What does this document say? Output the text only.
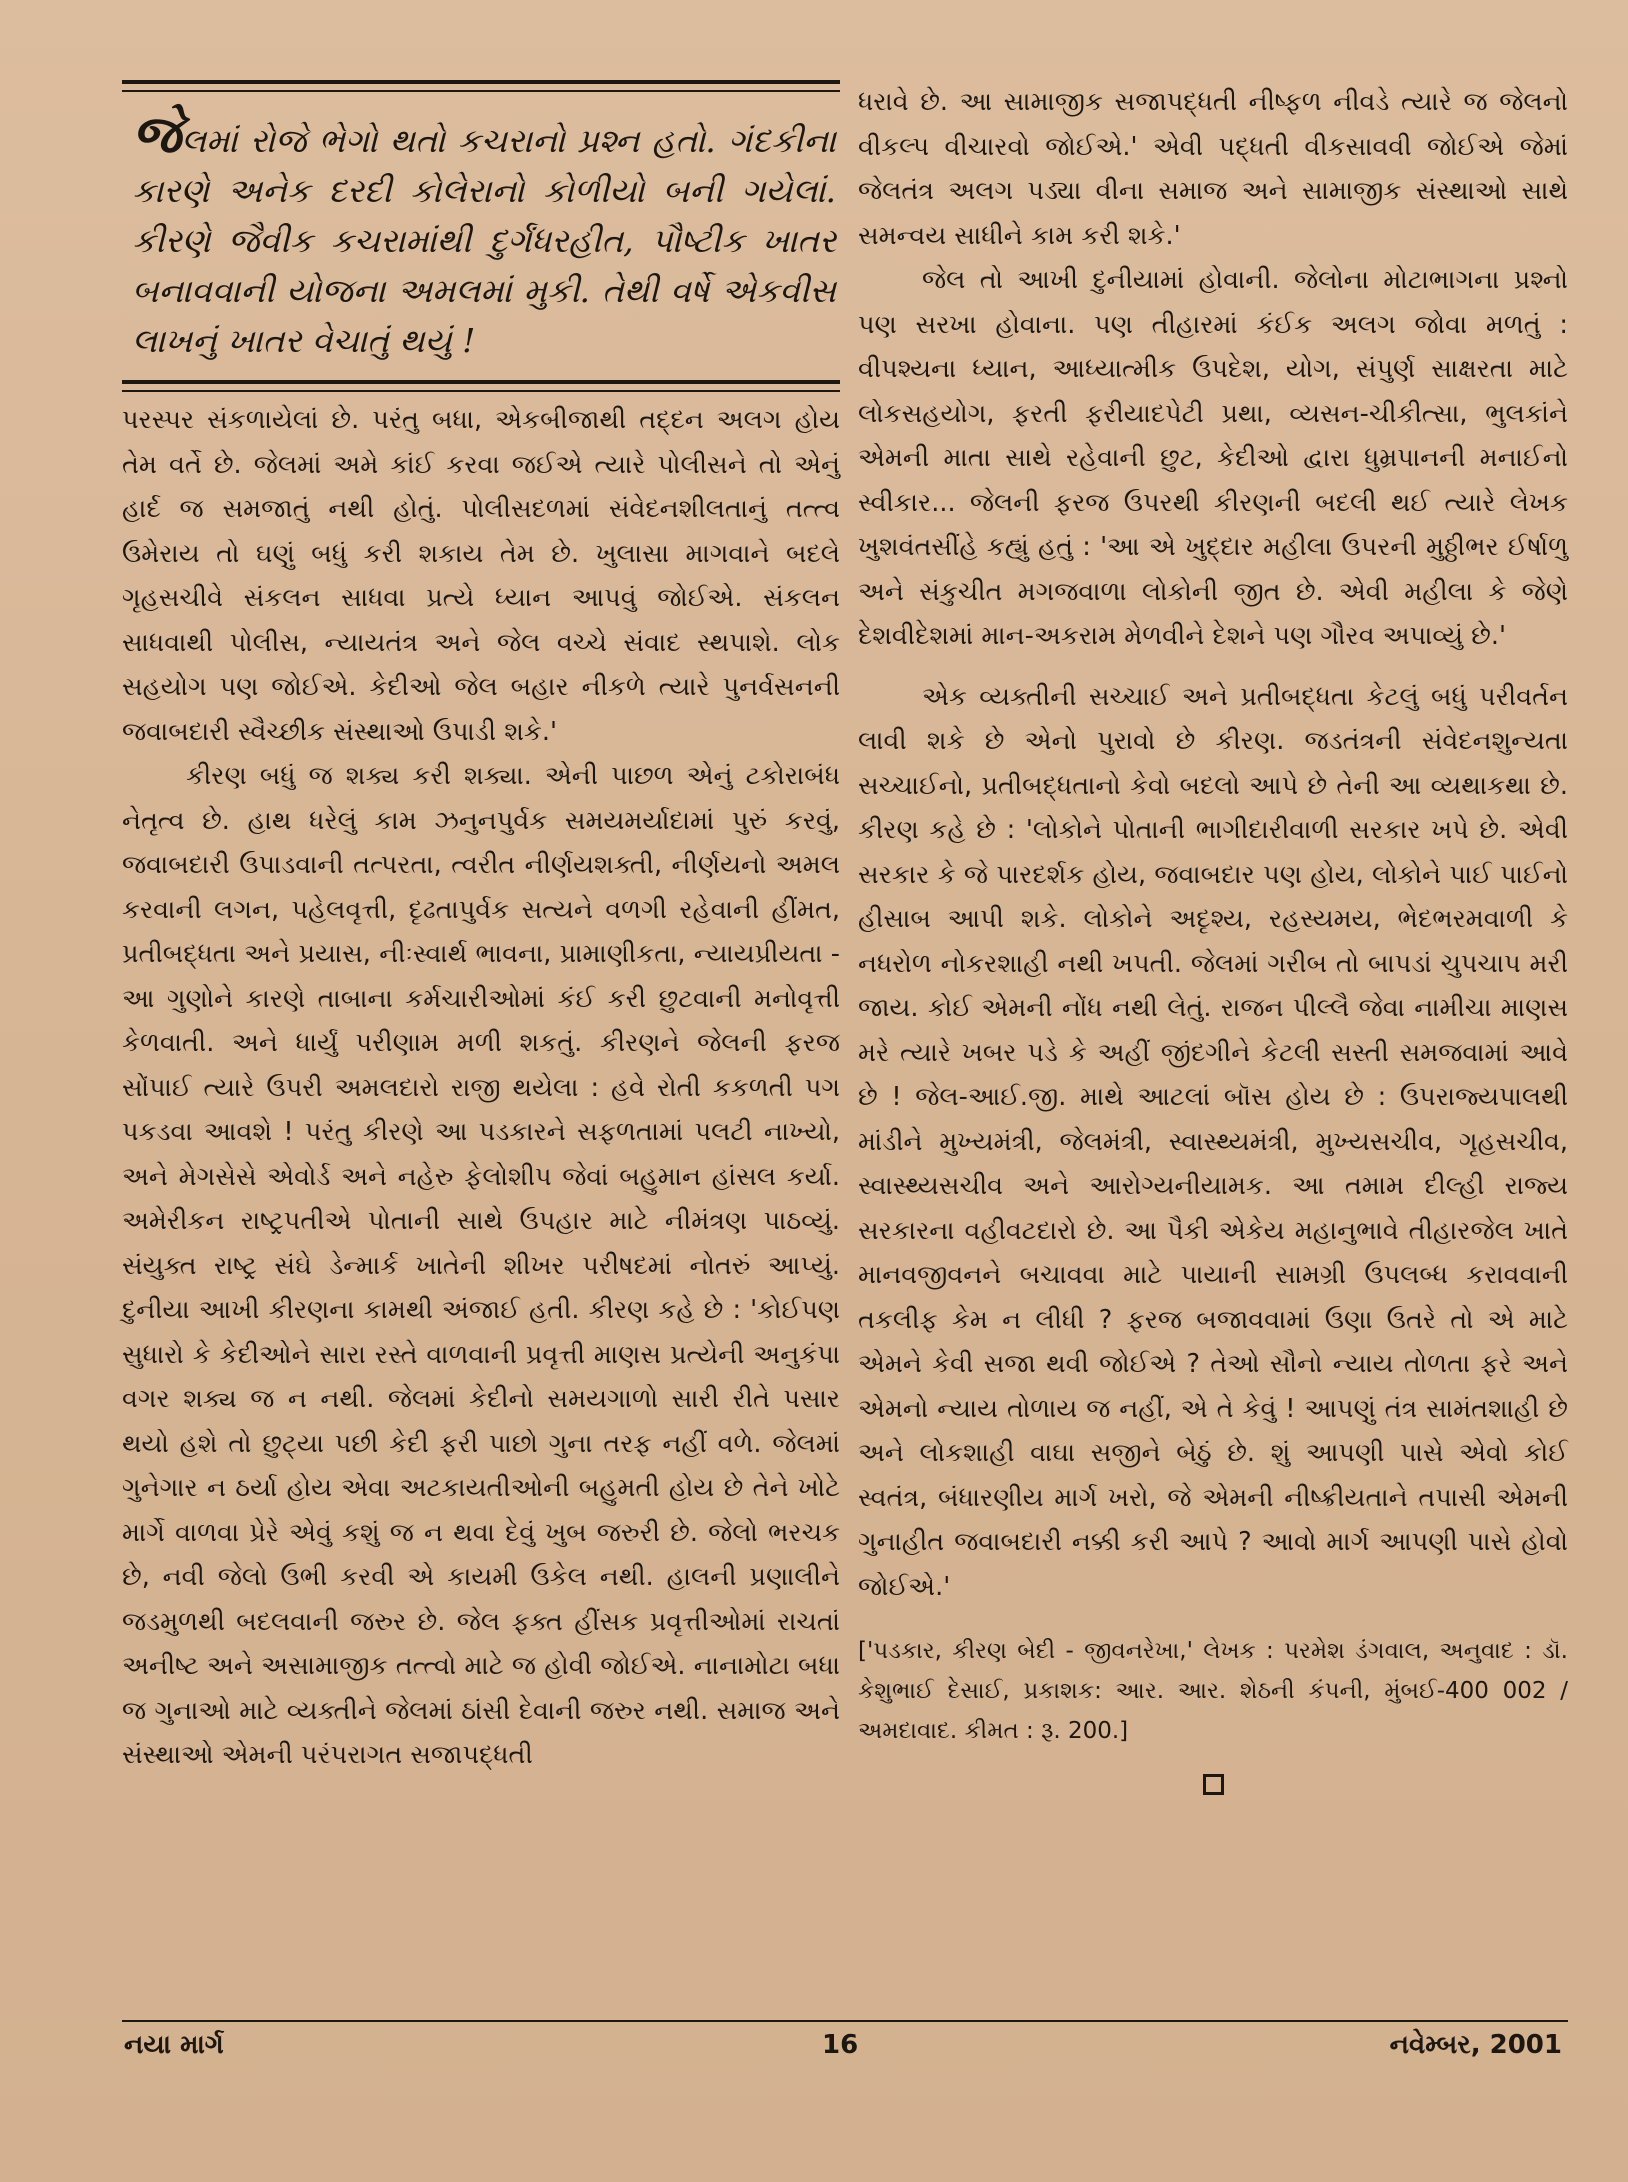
જેલમાં રોજે ભેગો થતો કચરાનો પ્રશ્ન હતો. ગંદકીના કારણે અનેક દરદી કોલેરાનો કોળીયો બની ગયેલાં. કીરણે જૈવીક કચરામાંથી દુર્ગંધરહીત, પૌષ્ટીક ખાતર બનાવવાની યોજના અમલમાં મુકી. તેથી વર્ષે એકવીસ લાખનું ખાતર વેચાતું થયું !

પરસ્પર સંકળાયેલાં છે. પરંતુ બધા, એકબીજાથી તદ્દન અલગ હોય તેમ વર્તે છે. જેલમાં અમે કાંઈ કરવા જઈએ ત્યારે પોલીસને તો એનું હાર્દ જ સમજાતું નથી હોતું. પોલીસદળમાં સંવેદનશીલતાનું તત્ત્વ ઉમેરાય તો ઘણું બધું કરી શકાય તેમ છે. ખુલાસા માગવાને બદલે ગૃહસચીવે સંકલન સાધવા પ્રત્યે ધ્યાન આપવું જોઈએ. સંકલન સાધવાથી પોલીસ, ન્યાયતંત્ર અને જેલ વચ્ચે સંવાદ સ્થપાશે. લોક સહયોગ પણ જોઈએ. કેદીઓ જેલ બહાર નીકળે ત્યારે પુનર્વસનની જવાબદારી સ્વૈચ્છીક સંસ્થાઓ ઉપાડી શકે.'

કીરણ બધું જ શક્ય કરી શક્યા. એની પાછળ એનું ટકોરાબંધ નેતૃત્વ છે. હાથ ધરેલું કામ ઝનુનપુર્વક સમયમર્યાદામાં પુરું કરવું, જવાબદારી ઉપાડવાની તત્પરતા, ત્વરીત નીર્ણયશક્તી, નીર્ણયનો અમલ કરવાની લગન, પહેલવૃત્તી, દૃઢતાપુર્વક સત્યને વળગી રહેવાની હીંમત, પ્રતીબદ્ધતા અને પ્રયાસ, નીઃસ્વાર્થ ભાવના, પ્રામાણીકતા, ન્યાયપ્રીયતા - આ ગુણોને કારણે તાબાના કર્મચારીઓમાં કંઈ કરી છુટવાની મનોવૃત્તી કેળવાતી. અને ધાર્યું પરીણામ મળી શકતું. કીરણને જેલની ફરજ સોંપાઈ ત્યારે ઉપરી અમલદારો રાજી થયેલા : હવે રોતી કકળતી પગ પકડવા આવશે ! પરંતુ કીરણે આ પડકારને સફળતામાં પલટી નાખ્યો, અને મેગસેસે એવોર્ડ અને નહેરુ ફેલોશીપ જેવાં બહુમાન હાંસલ કર્યા. અમેરીકન રાષ્ટ્રપતીએ પોતાની સાથે ઉપહાર માટે નીમંત્રણ પાઠવ્યું. સંયુક્ત રાષ્ટ્ર સંઘે ડેન્માર્ક ખાતેની શીખર પરીષદમાં નોતરું આપ્યું. દુનીયા આખી કીરણના કામથી અંજાઈ હતી. કીરણ કહે છે : 'કોઈપણ સુધારો કે કેદીઓને સારા રસ્તે વાળવાની પ્રવૃત્તી માણસ પ્રત્યેની અનુકંપા વગર શક્ય જ ન નથી. જેલમાં કેદીનો સમયગાળો સારી રીતે પસાર થયો હશે તો છુટ્યા પછી કેદી ફરી પાછો ગુના તરફ નહીં વળે. જેલમાં ગુનેગાર ન ઠર્યા હોય એવા અટકાયતીઓની બહુમતી હોય છે તેને ખોટે માર્ગે વાળવા પ્રેરે એવું કશું જ ન થવા દેવું ખુબ જરુરી છે. જેલો ભરચક છે, નવી જેલો ઉભી કરવી એ કાયમી ઉકેલ નથી. હાલની પ્રણાલીને જડમુળથી બદલવાની જરુર છે. જેલ ફક્ત હીંસક પ્રવૃત્તીઓમાં રાચતાં અનીષ્ટ અને અસામાજીક તત્ત્વો માટે જ હોવી જોઈએ. નાનામોટા બધા જ ગુનાઓ માટે વ્યક્તીને જેલમાં ઠાંસી દેવાની જરુર નથી. સમાજ અને સંસ્થાઓ એમની પરંપરાગત સજાપદ્ધતી

ધરાવે છે. આ સામાજીક સજાપદ્ધતી નીષ્ફળ નીવડે ત્યારે જ જેલનો વીકલ્પ વીચારવો જોઈએ.' એવી પદ્ધતી વીકસાવવી જોઈએ જેમાં જેલતંત્ર અલગ પડ્યા વીના સમાજ અને સામાજીક સંસ્થાઓ સાથે સમન્વય સાધીને કામ કરી શકે.'

જેલ તો આખી દુનીયામાં હોવાની. જેલોના મોટાભાગના પ્રશ્નો પણ સરખા હોવાના. પણ તીહારમાં કંઈક અલગ જોવા મળતું : વીપશ્યના ધ્યાન, આધ્યાત્મીક ઉપદેશ, યોગ, સંપુર્ણ સાક્ષરતા માટે લોકસહયોગ, ફરતી ફરીયાદપેટી પ્રથા, વ્યસન-ચીકીત્સા, ભુલકાંને એમની માતા સાથે રહેવાની છુટ, કેદીઓ દ્વારા ધુમ્રપાનની મનાઈનો સ્વીકાર... જેલની ફરજ ઉપરથી કીરણની બદલી થઈ ત્યારે લેખક ખુશવંતસીંહે કહ્યું હતું : 'આ એ ખુદ્દાર મહીલા ઉપરની મુઠ્ઠીભર ઈર્ષાળુ અને સંકુચીત મગજવાળા લોકોની જીત છે. એવી મહીલા કે જેણે દેશવીદેશમાં માન-અકરામ મેળવીને દેશને પણ ગૌરવ અપાવ્યું છે.'

એક વ્યક્તીની સચ્ચાઈ અને પ્રતીબદ્ધતા કેટલું બધું પરીવર્તન લાવી શકે છે એનો પુરાવો છે કીરણ. જડતંત્રની સંવેદનશુન્યતા સચ્ચાઈનો, પ્રતીબદ્ધતાનો કેવો બદલો આપે છે તેની આ વ્યથાકથા છે. કીરણ કહે છે : 'લોકોને પોતાની ભાગીદારીવાળી સરકાર ખપે છે. એવી સરકાર કે જે પારદર્શક હોય, જવાબદાર પણ હોય, લોકોને પાઈ પાઈનો હીસાબ આપી શકે. લોકોને અદૃશ્ય, રહસ્યમય, ભેદભરમવાળી કે નધરોળ નોકરશાહી નથી ખપતી. જેલમાં ગરીબ તો બાપડાં ચુપચાપ મરી જાય. કોઈ એમની નોંધ નથી લેતું. રાજન પીલ્લૈ જેવા નામીચા માણસ મરે ત્યારે ખબર પડે કે અહીં જીંદગીને કેટલી સસ્તી સમજવામાં આવે છે ! જેલ-આઈ.જી. માથે આટલાં બૉસ હોય છે : ઉપરાજ્યપાલથી માંડીને મુખ્યમંત્રી, જેલમંત્રી, સ્વાસ્થ્યમંત્રી, મુખ્યસચીવ, ગૃહસચીવ, સ્વાસ્થ્યસચીવ અને આરોગ્યનીયામક. આ તમામ દીલ્હી રાજ્ય સરકારના વહીવટદારો છે. આ પૈકી એકેય મહાનુભાવે તીહારજેલ ખાતે માનવજીવનને બચાવવા માટે પાયાની સામગ્રી ઉપલબ્ધ કરાવવાની તકલીફ કેમ ન લીધી ? ફરજ બજાવવામાં ઉણા ઉતરે તો એ માટે એમને કેવી સજા થવી જોઈએ ? તેઓ સૌનો ન્યાય તોળતા ફરે અને એમનો ન્યાય તોળાય જ નહીં, એ તે કેવું ! આપણું તંત્ર સામંતશાહી છે અને લોકશાહી વાઘા સજીને બેઠું છે. શું આપણી પાસે એવો કોઈ સ્વતંત્ર, બંધારણીય માર્ગ ખરો, જે એમની નીષ્ક્રીયતાને તપાસી એમની ગુનાહીત જવાબદારી નક્કી કરી આપે ? આવો માર્ગ આપણી પાસે હોવો જોઈએ.'

['પડકાર, કીરણ બેદી - જીવનરેખા,' લેખક : પરમેશ ડંગવાલ, અનુવાદ : ડૉ. કેશુભાઈ દેસાઈ, પ્રકાશક: આર. આર. શેઠની કંપની, મુંબઈ-400 002 / અમદાવાદ. કીમત : રૂ. 200.]

નયા માર્ગ	16	નવેમ્બર, 2001
